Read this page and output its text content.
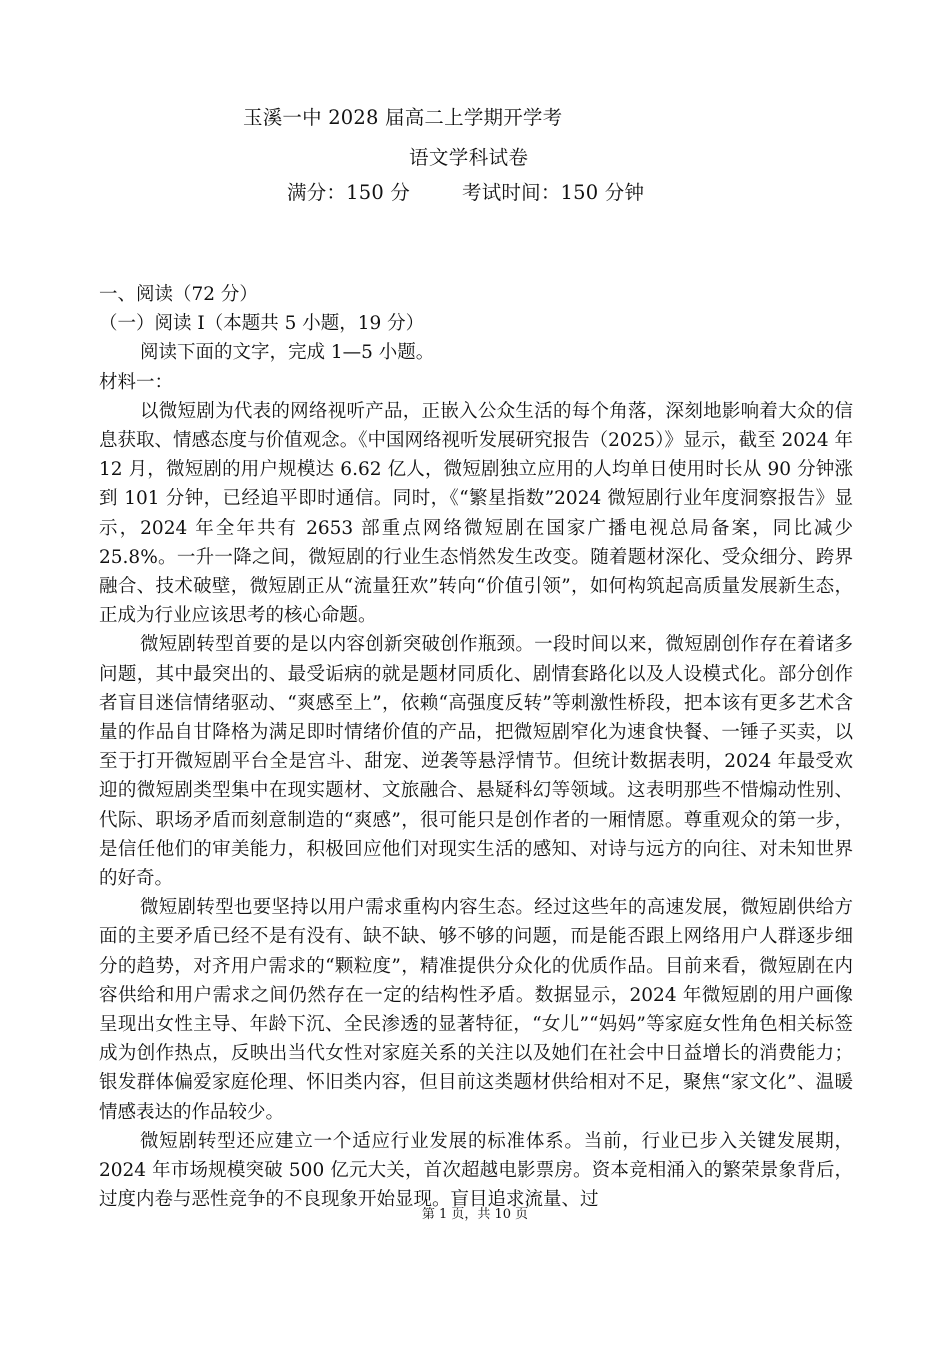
玉溪一中 2028 届高二上学期开学考
语文学科试卷
满分：150 分	考试时间：150 分钟

一、阅读（72 分）

（一）阅读 I（本题共 5 小题，19 分）

阅读下面的文字，完成 1—5 小题。

材料一：

以微短剧为代表的网络视听产品，正嵌入公众生活的每个角落，深刻地影响着大众的信息获取、情感态度与价值观念。《中国网络视听发展研究报告（2025）》显示，截至 2024 年 12 月，微短剧的用户规模达 6.62 亿人，微短剧独立应用的人均单日使用时长从 90 分钟涨到 101 分钟，已经追平即时通信。同时，《“繁星指数”2024 微短剧行业年度洞察报告》显示，2024 年全年共有 2653 部重点网络微短剧在国家广播电视总局备案，同比减少 25.8%。一升一降之间，微短剧的行业生态悄然发生改变。随着题材深化、受众细分、跨界融合、技术破壁，微短剧正从“流量狂欢”转向“价值引领”，如何构筑起高质量发展新生态，正成为行业应该思考的核心命题。

微短剧转型首要的是以内容创新突破创作瓶颈。一段时间以来，微短剧创作存在着诸多问题，其中最突出的、最受诟病的就是题材同质化、剧情套路化以及人设模式化。部分创作者盲目迷信情绪驱动、“爽感至上”，依赖“高强度反转”等刺激性桥段，把本该有更多艺术含量的作品自甘降格为满足即时情绪价值的产品，把微短剧窄化为速食快餐、一锤子买卖，以至于打开微短剧平台全是宫斗、甜宠、逆袭等悬浮情节。但统计数据表明，2024 年最受欢迎的微短剧类型集中在现实题材、文旅融合、悬疑科幻等领域。这表明那些不惜煽动性别、代际、职场矛盾而刻意制造的“爽感”，很可能只是创作者的一厢情愿。尊重观众的第一步，是信任他们的审美能力，积极回应他们对现实生活的感知、对诗与远方的向往、对未知世界的好奇。

微短剧转型也要坚持以用户需求重构内容生态。经过这些年的高速发展，微短剧供给方面的主要矛盾已经不是有没有、缺不缺、够不够的问题，而是能否跟上网络用户人群逐步细分的趋势，对齐用户需求的“颗粒度”，精准提供分众化的优质作品。目前来看，微短剧在内容供给和用户需求之间仍然存在一定的结构性矛盾。数据显示，2024 年微短剧的用户画像呈现出女性主导、年龄下沉、全民渗透的显著特征，“女儿”“妈妈”等家庭女性角色相关标签成为创作热点，反映出当代女性对家庭关系的关注以及她们在社会中日益增长的消费能力；银发群体偏爱家庭伦理、怀旧类内容，但目前这类题材供给相对不足，聚焦“家文化”、温暖情感表达的作品较少。

微短剧转型还应建立一个适应行业发展的标准体系。当前，行业已步入关键发展期，2024 年市场规模突破 500 亿元大关，首次超越电影票房。资本竞相涌入的繁荣景象背后，过度内卷与恶性竞争的不良现象开始显现。盲目追求流量、过

第 1 页，共 10 页
